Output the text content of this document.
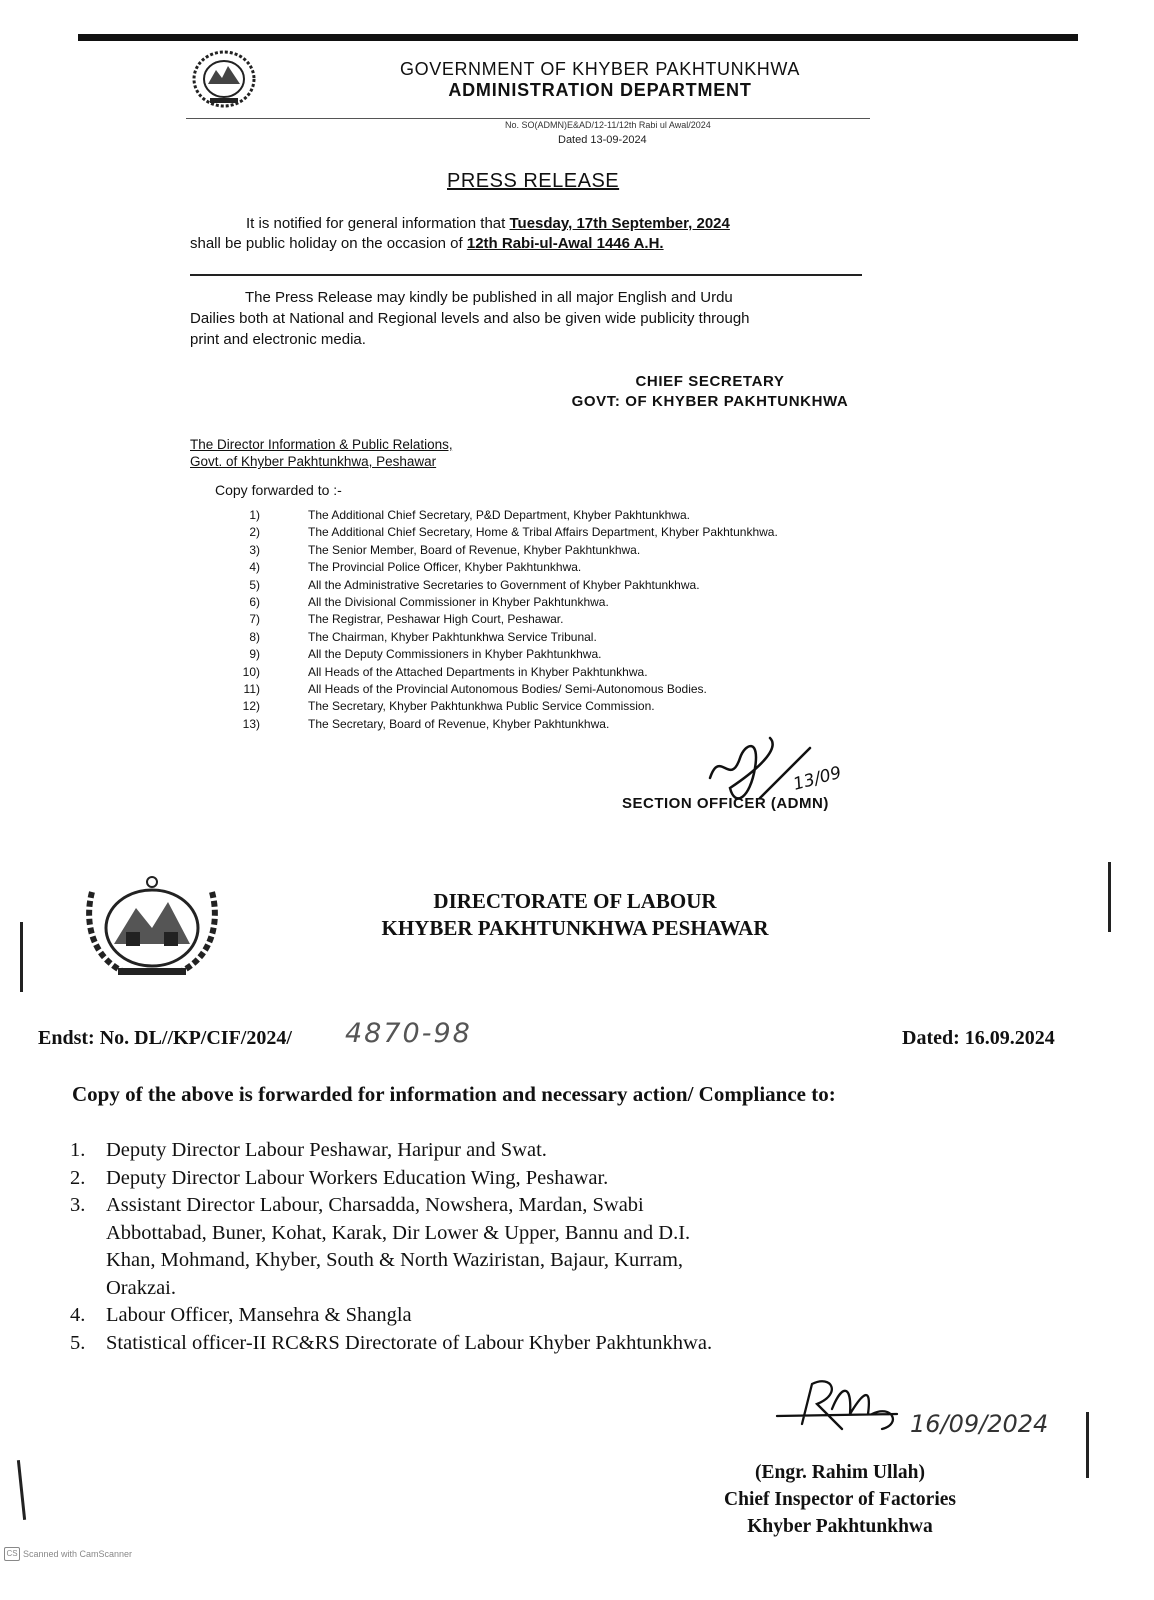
GOVERNMENT OF KHYBER PAKHTUNKHWA
ADMINISTRATION DEPARTMENT
No. SO(ADMN)E&AD/12-11/12th Rabi ul Awal/2024
Dated 13-09-2024
PRESS RELEASE
It is notified for general information that Tuesday, 17th September, 2024
shall be public holiday on the occasion of 12th Rabi-ul-Awal 1446 A.H.
The Press Release may kindly be published in all major English and Urdu
Dailies both at National and Regional levels and also be given wide publicity through
print and electronic media.
CHIEF SECRETARY
GOVT: OF KHYBER PAKHTUNKHWA
The Director Information & Public Relations,
Govt. of Khyber Pakhtunkhwa, Peshawar
Copy forwarded to :-
1)	The Additional Chief Secretary, P&D Department, Khyber Pakhtunkhwa.
2)	The Additional Chief Secretary, Home & Tribal Affairs Department, Khyber Pakhtunkhwa.
3)	The Senior Member, Board of Revenue, Khyber Pakhtunkhwa.
4)	The Provincial Police Officer, Khyber Pakhtunkhwa.
5)	All the Administrative Secretaries to Government of Khyber Pakhtunkhwa.
6)	All the Divisional Commissioner in Khyber Pakhtunkhwa.
7)	The Registrar, Peshawar High Court, Peshawar.
8)	The Chairman, Khyber Pakhtunkhwa Service Tribunal.
9)	All the Deputy Commissioners in Khyber Pakhtunkhwa.
10)	All Heads of the Attached Departments in Khyber Pakhtunkhwa.
11)	All Heads of the Provincial Autonomous Bodies/ Semi-Autonomous Bodies.
12)	The Secretary, Khyber Pakhtunkhwa Public Service Commission.
13)	The Secretary, Board of Revenue, Khyber Pakhtunkhwa.
13/09
SECTION OFFICER (ADMN)
DIRECTORATE OF LABOUR
KHYBER PAKHTUNKHWA PESHAWAR
Endst: No. DL//KP/CIF/2024/ 4870-98	Dated: 16.09.2024
Copy of the above is forwarded for information and necessary action/ Compliance to:
1.	Deputy Director Labour Peshawar, Haripur and Swat.
2.	Deputy Director Labour Workers Education Wing, Peshawar.
3.	Assistant Director Labour, Charsadda, Nowshera, Mardan, Swabi Abbottabad, Buner, Kohat, Karak, Dir Lower & Upper, Bannu and D.I. Khan, Mohmand, Khyber, South & North Waziristan, Bajaur, Kurram, Orakzai.
4.	Labour Officer, Mansehra & Shangla
5.	Statistical officer-II RC&RS Directorate of Labour Khyber Pakhtunkhwa.
16/09/2024
(Engr. Rahim Ullah)
Chief Inspector of Factories
Khyber Pakhtunkhwa
CS Scanned with CamScanner
